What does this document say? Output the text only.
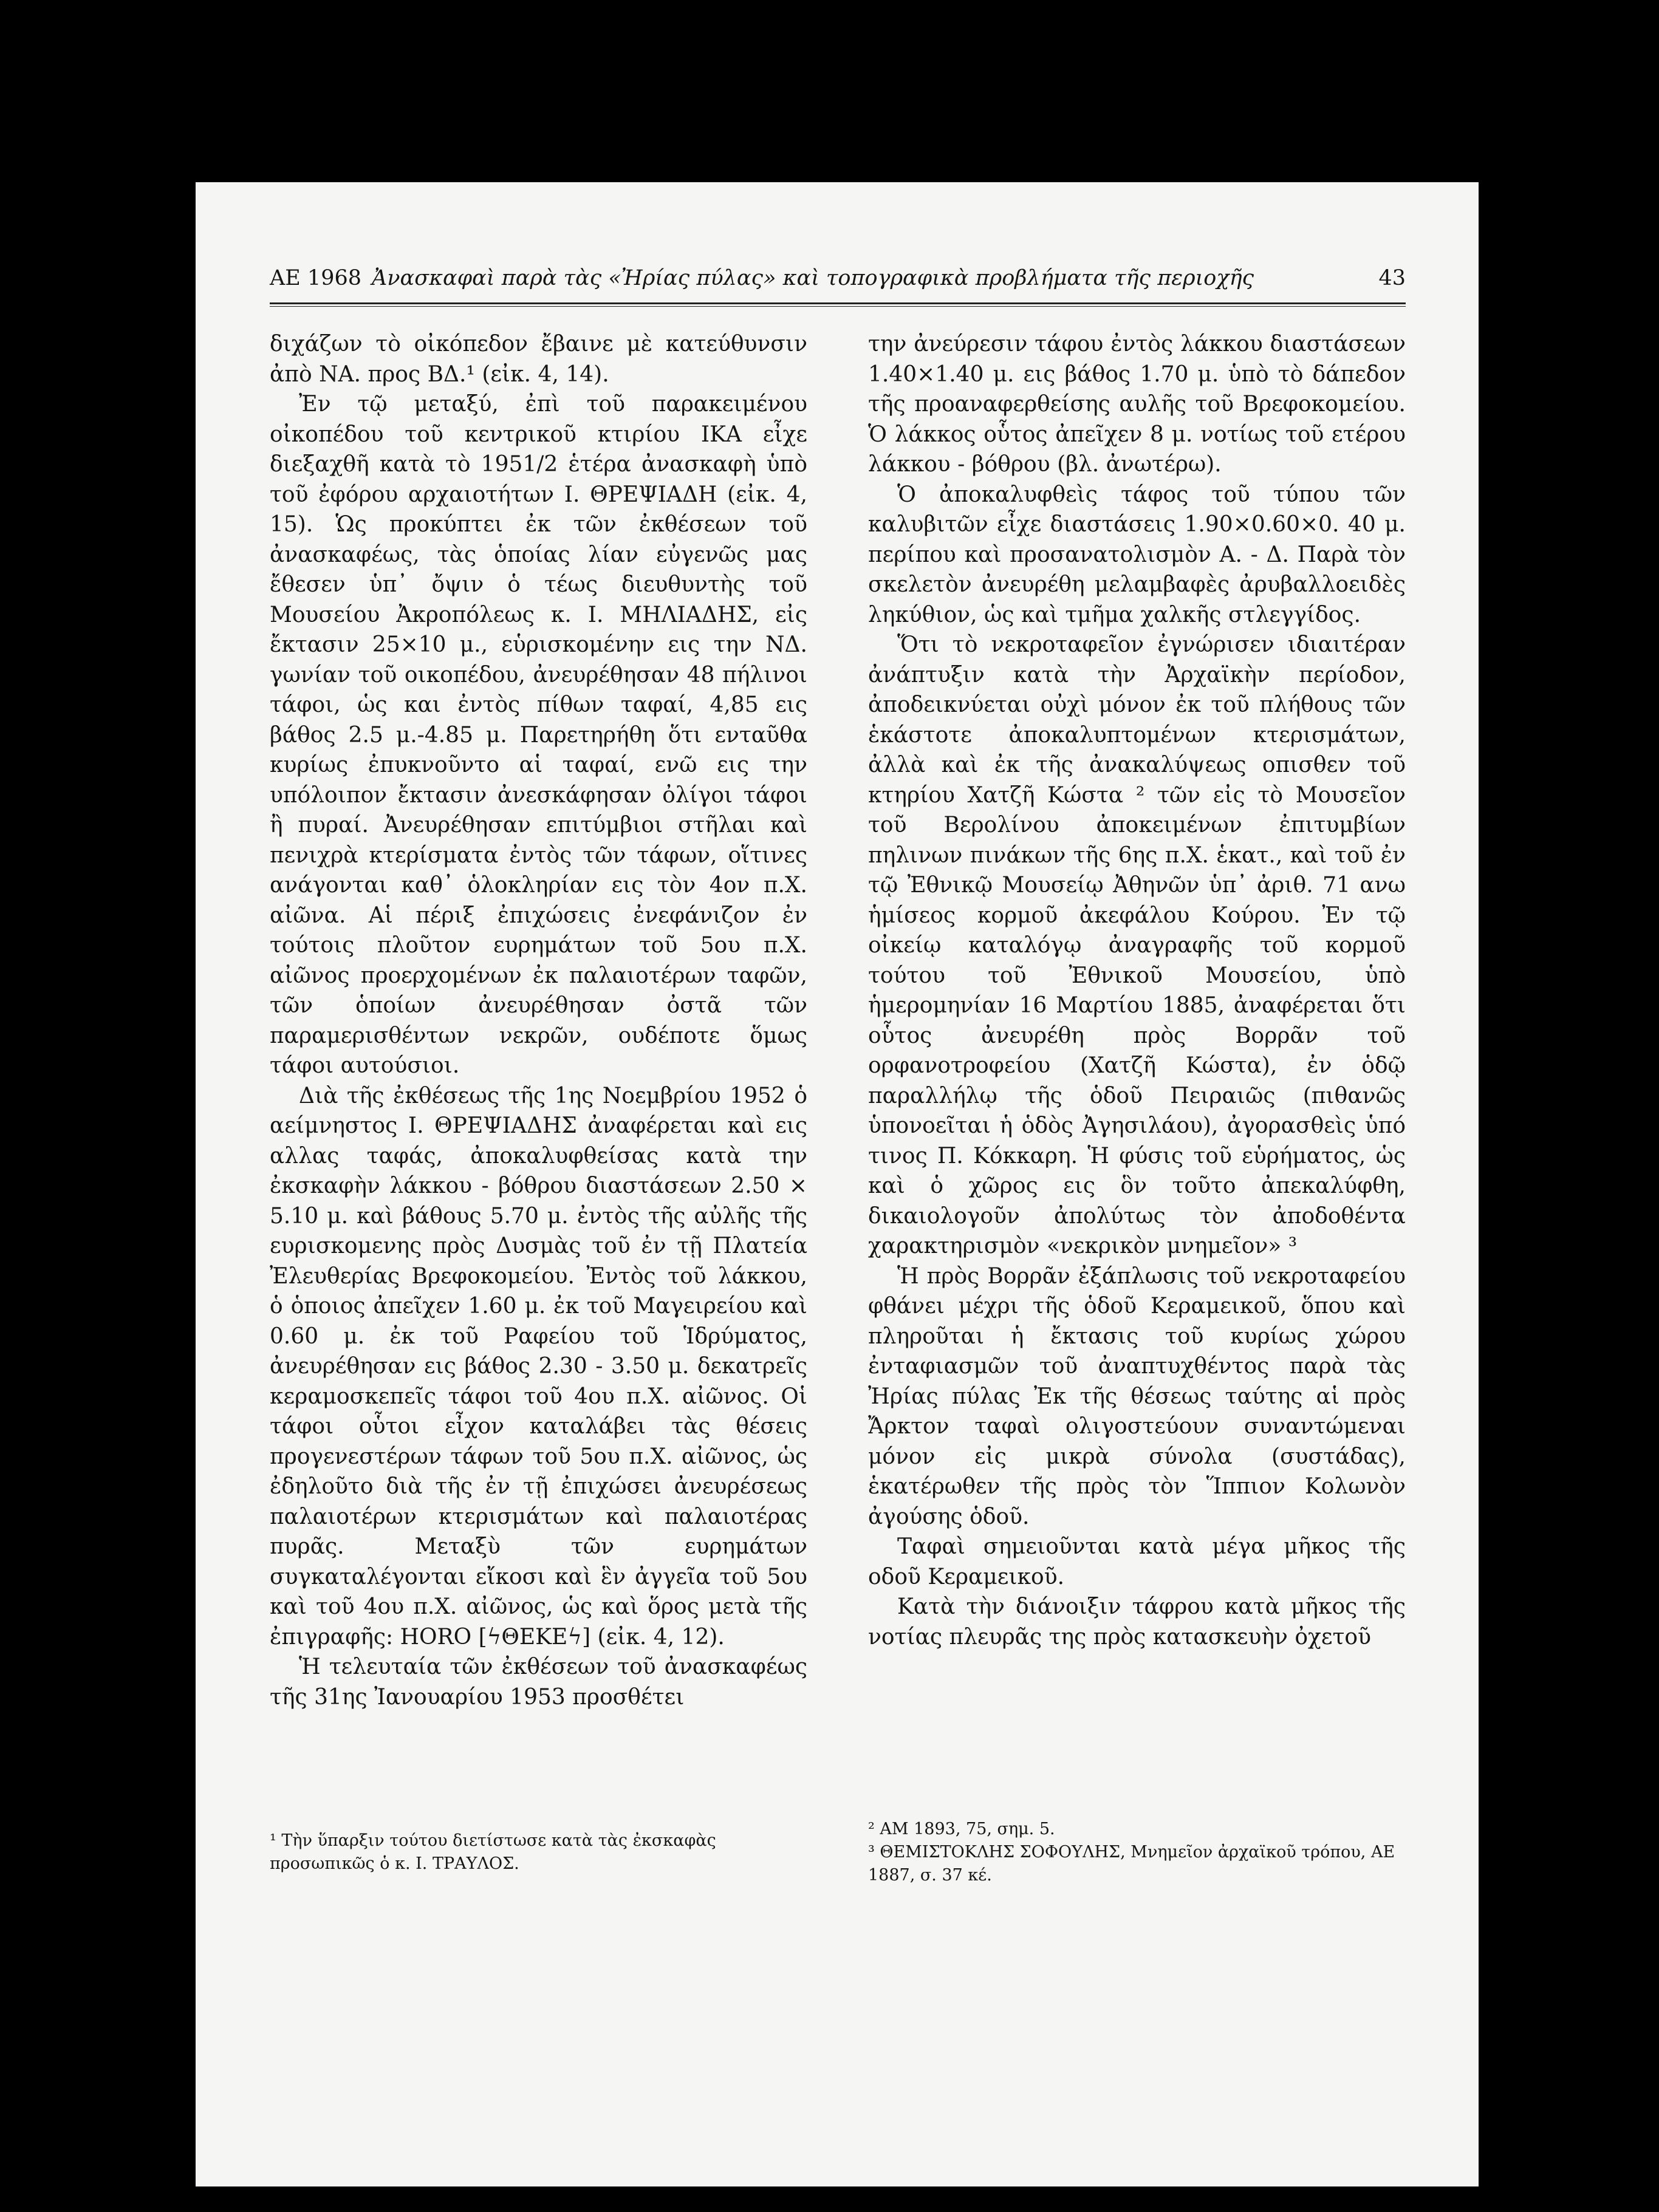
ΑΕ 1968 Ἀνασκαφαὶ παρὰ τὰς «Ἠρίας πύλας» καὶ τοπογραφικὰ προβλήματα τῆς περιοχῆς	43

διχάζων τὸ οἰκόπεδον ἔβαινε μὲ κατεύθυνσιν ἀπὸ ΝΑ. προς ΒΔ.¹ (εἰκ. 4, 14).

Ἐν τῷ μεταξύ, ἐπὶ τοῦ παρακειμένου οἰκοπέδου τοῦ κεντρικοῦ κτιρίου ΙΚΑ εἶχε διεξαχθῆ κατὰ τὸ 1951/2 ἑτέρα ἀνασκαφὴ ὑπὸ τοῦ ἐφόρου αρχαιοτήτων Ι. ΘΡΕΨΙΑΔΗ (εἰκ. 4, 15). Ὡς προκύπτει ἐκ τῶν ἐκθέσεων τοῦ ἀνασκαφέως, τὰς ὁποίας λίαν εὐγενῶς μας ἔθεσεν ὑπ᾿ ὄψιν ὁ τέως διευθυντὴς τοῦ Μουσείου Ἀκροπόλεως κ. Ι. ΜΗΛΙΑΔΗΣ, εἰς ἔκτασιν 25×10 μ., εὑρισκομένην εις την ΝΔ. γωνίαν τοῦ οικοπέδου, ἀνευρέθησαν 48 πήλινοι τάφοι, ὡς και ἐντὸς πίθων ταφαί, 4,85 εις βάθος 2.5 μ.-4.85 μ. Παρετηρήθη ὅτι ενταῦθα κυρίως ἐπυκνοῦντο αἱ ταφαί, ενῶ εις την υπόλοιπον ἔκτασιν ἀνεσκάφησαν ὀλίγοι τάφοι ἢ πυραί. Ἀνευρέθησαν επιτύμβιοι στῆλαι καὶ πενιχρὰ κτερίσματα ἐντὸς τῶν τάφων, οἵτινες ανάγονται καθ᾿ ὁλοκληρίαν εις τὸν 4ον π.Χ. αἰῶνα. Αἱ πέριξ ἐπιχώσεις ἐνεφάνιζον ἐν τούτοις πλοῦτον ευρημάτων τοῦ 5ου π.Χ. αἰῶνος προερχομένων ἐκ παλαιοτέρων ταφῶν, τῶν ὁποίων ἀνευρέθησαν ὀστᾶ τῶν παραμερισθέντων νεκρῶν, ουδέποτε ὅμως τάφοι αυτούσιοι.

Διὰ τῆς ἐκθέσεως τῆς 1ης Νοεμβρίου 1952 ὁ αείμνηστος Ι. ΘΡΕΨΙΑΔΗΣ ἀναφέρεται καὶ εις αλλας ταφάς, ἀποκαλυφθείσας κατὰ την ἐκσκαφὴν λάκκου - βόθρου διαστάσεων 2.50 × 5.10 μ. καὶ βάθους 5.70 μ. ἐντὸς τῆς αὐλῆς τῆς ευρισκομενης πρὸς Δυσμὰς τοῦ ἐν τῇ Πλατεία Ἐλευθερίας Βρεφοκομείου. Ἐντὸς τοῦ λάκκου, ὁ ὁποιος ἀπεῖχεν 1.60 μ. ἐκ τοῦ Μαγειρείου καὶ 0.60 μ. ἐκ τοῦ Ραφείου τοῦ Ἱδρύματος, ἀνευρέθησαν εις βάθος 2.30 - 3.50 μ. δεκατρεῖς κεραμοσκεπεῖς τάφοι τοῦ 4ου π.Χ. αἰῶνος. Οἱ τάφοι οὗτοι εἶχον καταλάβει τὰς θέσεις προγενεστέρων τάφων τοῦ 5ου π.Χ. αἰῶνος, ὡς ἐδηλοῦτο διὰ τῆς ἐν τῇ ἐπιχώσει ἀνευρέσεως παλαιοτέρων κτερισμάτων καὶ παλαιοτέρας πυρᾶς. Μεταξὺ τῶν ευρημάτων συγκαταλέγονται εἴκοσι καὶ ἓν ἀγγεῖα τοῦ 5ου καὶ τοῦ 4ου π.Χ. αἰῶνος, ὡς καὶ ὅρος μετὰ τῆς ἐπιγραφῆς: HORO [ϟΘΕΚΕϟ] (εἰκ. 4, 12).

Ἡ τελευταία τῶν ἐκθέσεων τοῦ ἀνασκαφέως τῆς 31ης Ἰανουαρίου 1953 προσθέτει

¹ Τὴν ὕπαρξιν τούτου διετίστωσε κατὰ τὰς ἐκσκαφὰς προσωπικῶς ὁ κ. Ι. ΤΡΑΥΛΟΣ.

την ἀνεύρεσιν τάφου ἐντὸς λάκκου διαστάσεων 1.40×1.40 μ. εις βάθος 1.70 μ. ὑπὸ τὸ δάπεδον τῆς προαναφερθείσης αυλῆς τοῦ Βρεφοκομείου. Ὁ λάκκος οὗτος ἀπεῖχεν 8 μ. νοτίως τοῦ ετέρου λάκκου - βόθρου (βλ. ἀνωτέρω).

Ὁ ἀποκαλυφθεὶς τάφος τοῦ τύπου τῶν καλυβιτῶν εἶχε διαστάσεις 1.90×0.60×0. 40 μ. περίπου καὶ προσανατολισμὸν Α. - Δ. Παρὰ τὸν σκελετὸν ἀνευρέθη μελαμβαφὲς ἀρυβαλλοειδὲς ληκύθιον, ὡς καὶ τμῆμα χαλκῆς στλεγγίδος.

Ὅτι τὸ νεκροταφεῖον ἐγνώρισεν ιδιαιτέραν ἀνάπτυξιν κατὰ τὴν Ἀρχαϊκὴν περίοδον, ἀποδεικνύεται οὐχὶ μόνον ἐκ τοῦ πλήθους τῶν ἑκάστοτε ἀποκαλυπτομένων κτερισμάτων, ἀλλὰ καὶ ἐκ τῆς ἀνακαλύψεως οπισθεν τοῦ κτηρίου Χατζῆ Κώστα ² τῶν εἰς τὸ Μουσεῖον τοῦ Βερολίνου ἀποκειμένων ἐπιτυμβίων πηλινων πινάκων τῆς 6ης π.Χ. ἑκατ., καὶ τοῦ ἐν τῷ Ἐθνικῷ Μουσείῳ Ἀθηνῶν ὑπ᾿ ἀριθ. 71 ανω ἡμίσεος κορμοῦ ἀκεφάλου Κούρου. Ἐν τῷ οἰκείῳ καταλόγῳ ἀναγραφῆς τοῦ κορμοῦ τούτου τοῦ Ἐθνικοῦ Μουσείου, ὑπὸ ἡμερομηνίαν 16 Μαρτίου 1885, ἀναφέρεται ὅτι οὗτος ἀνευρέθη πρὸς Βορρᾶν τοῦ ορφανοτροφείου (Χατζῆ Κώστα), ἐν ὁδῷ παραλλήλῳ τῆς ὁδοῦ Πειραιῶς (πιθανῶς ὑπονοεῖται ἡ ὁδὸς Ἀγησιλάου), ἀγορασθεὶς ὑπό τινος Π. Κόκκαρη. Ἡ φύσις τοῦ εὑρήματος, ὡς καὶ ὁ χῶρος εις ὃν τοῦτο ἀπεκαλύφθη, δικαιολογοῦν ἀπολύτως τὸν ἀποδοθέντα χαρακτηρισμὸν «νεκρικὸν μνημεῖον» ³

Ἡ πρὸς Βορρᾶν ἐξάπλωσις τοῦ νεκροταφείου φθάνει μέχρι τῆς ὁδοῦ Κεραμεικοῦ, ὅπου καὶ πληροῦται ἡ ἔκτασις τοῦ κυρίως χώρου ἐνταφιασμῶν τοῦ ἀναπτυχθέντος παρὰ τὰς Ἠρίας πύλας Ἐκ τῆς θέσεως ταύτης αἱ πρὸς Ἄρκτον ταφαὶ ολιγοστεύουν συναντώμεναι μόνον εἰς μικρὰ σύνολα (συστάδας), ἑκατέρωθεν τῆς πρὸς τὸν Ἵππιον Κολωνὸν ἀγούσης ὁδοῦ.

Ταφαὶ σημειοῦνται κατὰ μέγα μῆκος τῆς οδοῦ Κεραμεικοῦ.

Κατὰ τὴν διάνοιξιν τάφρου κατὰ μῆκος τῆς νοτίας πλευρᾶς της πρὸς κατασκευὴν ὀχετοῦ

² ΑΜ 1893, 75, σημ. 5.

³ ΘΕΜΙΣΤΟΚΛΗΣ ΣΟΦΟΥΛΗΣ, Μνημεῖον ἀρχαϊκοῦ τρόπου, ΑΕ 1887, σ. 37 κέ.
